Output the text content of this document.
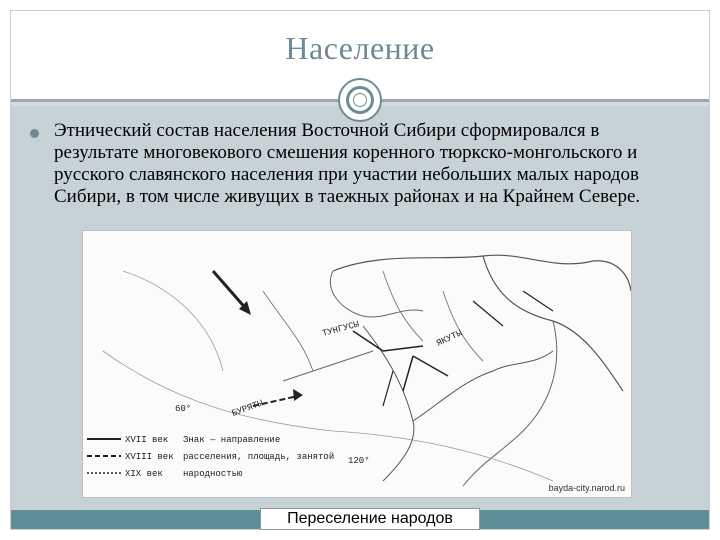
Население
Этнический состав населения Восточной Сибири сформировался в результате многовекового смешения коренного тюркско-монгольского и русского славянского населения при участии небольших малых народов Сибири, в том числе живущих в таежных районах и на Крайнем Севере.
БУРЯТЫ
ТУНГУСЫ	ЯКУТЫ
60°
120°
XVII век
XVIII век
XIX век
Знак — направление
расселения, площадь, занятой
народностью
bayda-city.narod.ru
Переселение народов
